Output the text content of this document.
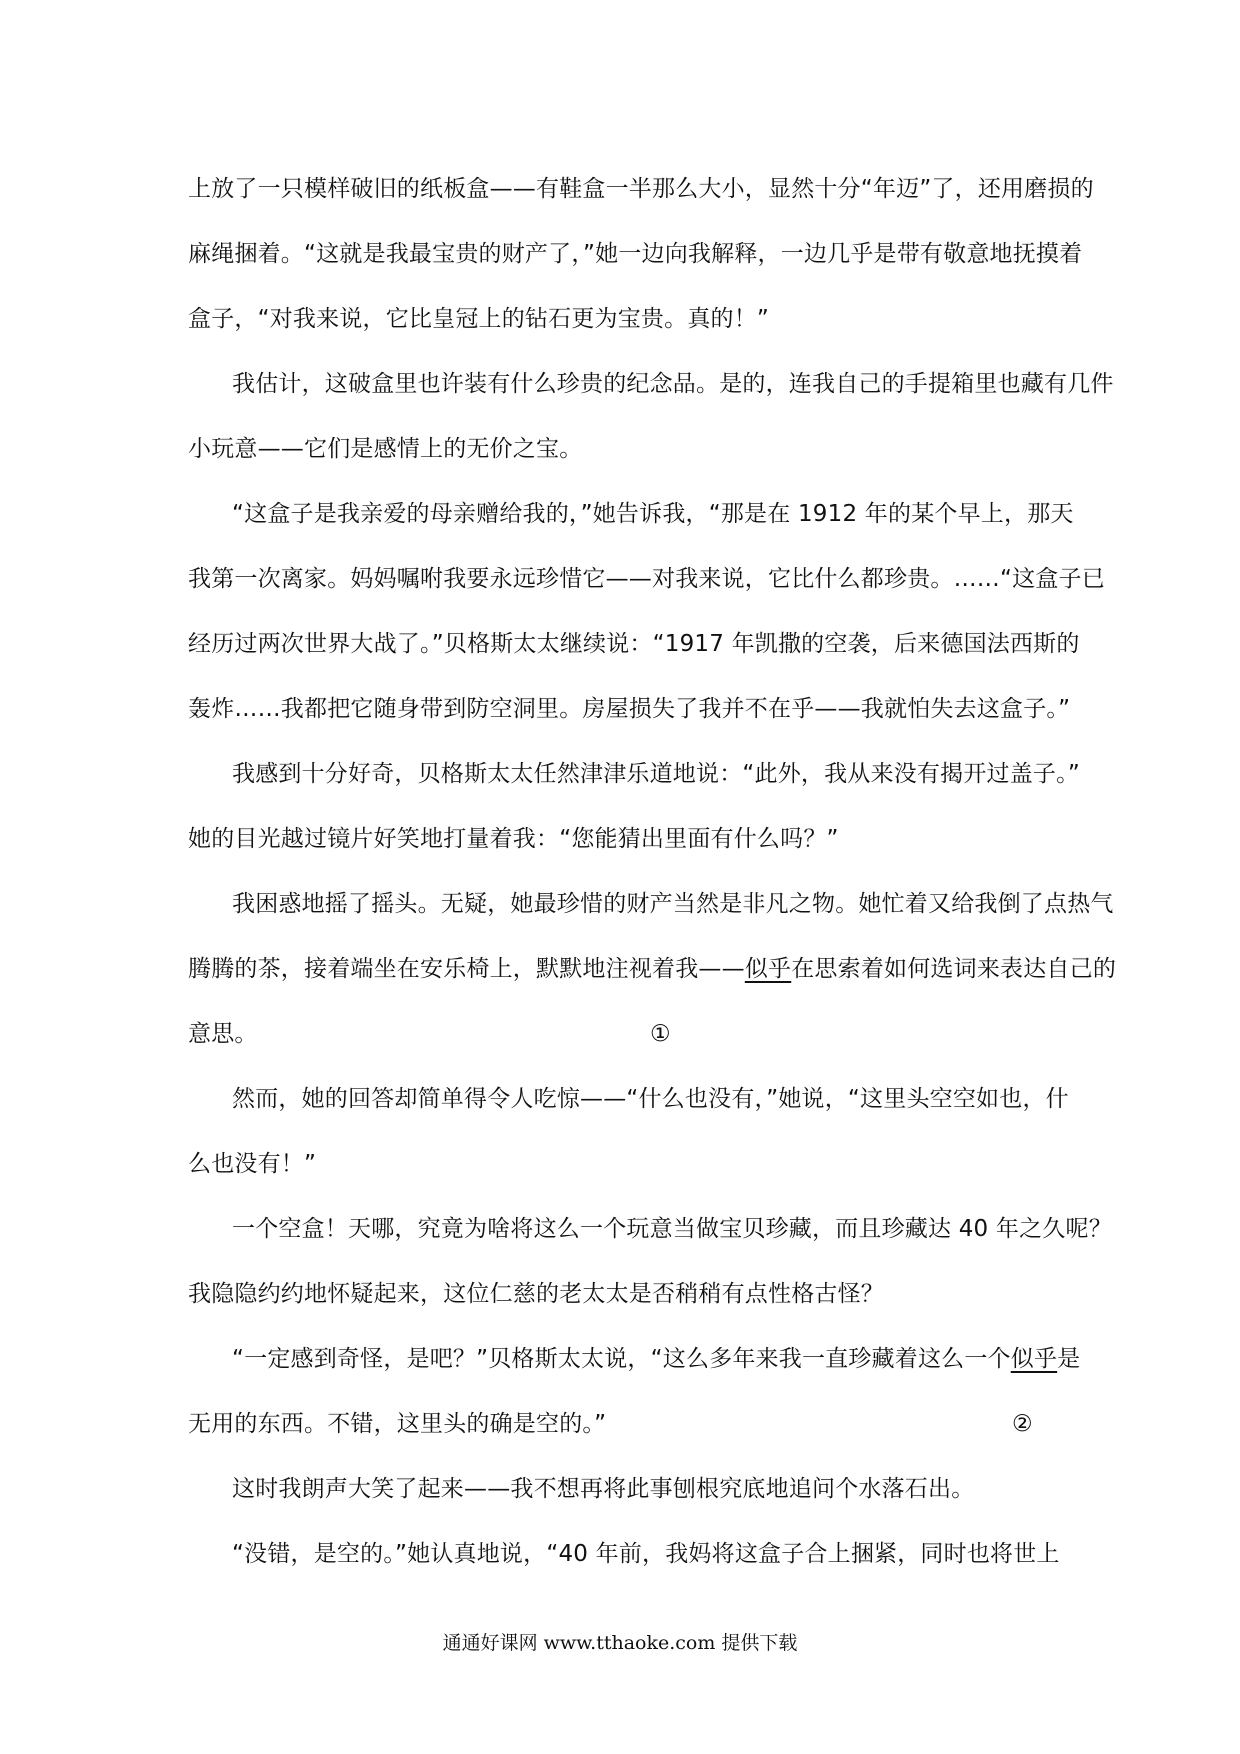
上放了一只模样破旧的纸板盒——有鞋盒一半那么大小，显然十分“年迈”了，还用磨损的
麻绳捆着。“这就是我最宝贵的财产了，”她一边向我解释，一边几乎是带有敬意地抚摸着
盒子，“对我来说，它比皇冠上的钻石更为宝贵。真的！”
我估计，这破盒里也许装有什么珍贵的纪念品。是的，连我自己的手提箱里也藏有几件
小玩意——它们是感情上的无价之宝。
“这盒子是我亲爱的母亲赠给我的，”她告诉我，“那是在 1912 年的某个早上，那天
我第一次离家。妈妈嘱咐我要永远珍惜它——对我来说，它比什么都珍贵。……“这盒子已
经历过两次世界大战了。”贝格斯太太继续说：“1917 年凯撒的空袭，后来德国法西斯的
轰炸……我都把它随身带到防空洞里。房屋损失了我并不在乎——我就怕失去这盒子。”
我感到十分好奇，贝格斯太太任然津津乐道地说：“此外，我从来没有揭开过盖子。”
她的目光越过镜片好笑地打量着我：“您能猜出里面有什么吗？”
我困惑地摇了摇头。无疑，她最珍惜的财产当然是非凡之物。她忙着又给我倒了点热气
腾腾的茶，接着端坐在安乐椅上，默默地注视着我——似乎在思索着如何选词来表达自己的
意思。	①
然而，她的回答却简单得令人吃惊——“什么也没有，”她说，“这里头空空如也，什
么也没有！”
一个空盒！天哪，究竟为啥将这么一个玩意当做宝贝珍藏，而且珍藏达 40 年之久呢？
我隐隐约约地怀疑起来，这位仁慈的老太太是否稍稍有点性格古怪？
“一定感到奇怪，是吧？”贝格斯太太说，“这么多年来我一直珍藏着这么一个似乎是
无用的东西。不错，这里头的确是空的。”	②
这时我朗声大笑了起来——我不想再将此事刨根究底地追问个水落石出。
“没错，是空的。”她认真地说，“40 年前，我妈将这盒子合上捆紧，同时也将世上
通通好课网 www.tthaoke.com 提供下载
